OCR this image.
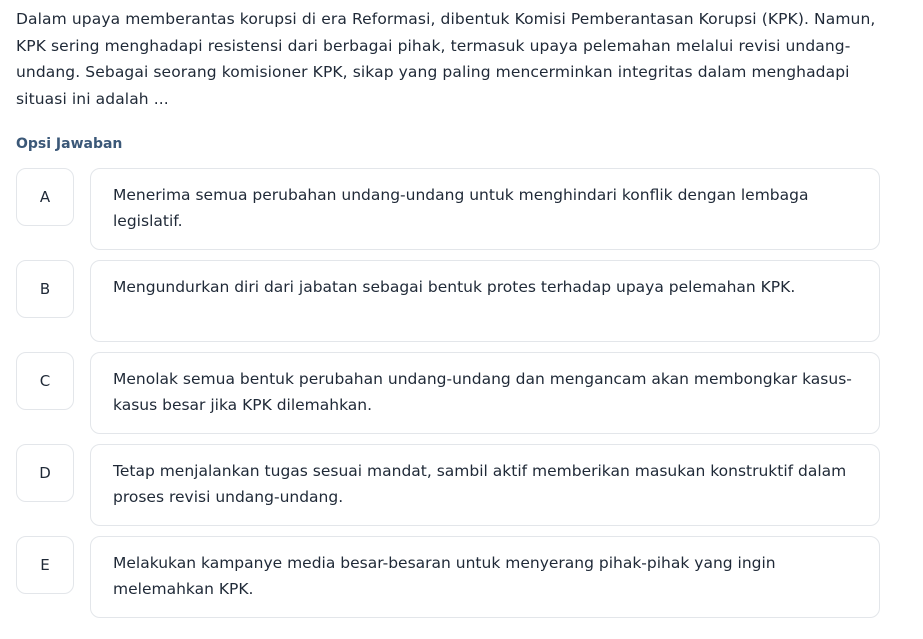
Dalam upaya memberantas korupsi di era Reformasi, dibentuk Komisi Pemberantasan Korupsi (KPK). Namun, KPK sering menghadapi resistensi dari berbagai pihak, termasuk upaya pelemahan melalui revisi undang-undang. Sebagai seorang komisioner KPK, sikap yang paling mencerminkan integritas dalam menghadapi situasi ini adalah ...

Opsi Jawaban
A	Menerima semua perubahan undang-undang untuk menghindari konflik dengan lembaga legislatif.
B	Mengundurkan diri dari jabatan sebagai bentuk protes terhadap upaya pelemahan KPK.
C	Menolak semua bentuk perubahan undang-undang dan mengancam akan membongkar kasus-kasus besar jika KPK dilemahkan.
D	Tetap menjalankan tugas sesuai mandat, sambil aktif memberikan masukan konstruktif dalam proses revisi undang-undang.
E	Melakukan kampanye media besar-besaran untuk menyerang pihak-pihak yang ingin melemahkan KPK.
